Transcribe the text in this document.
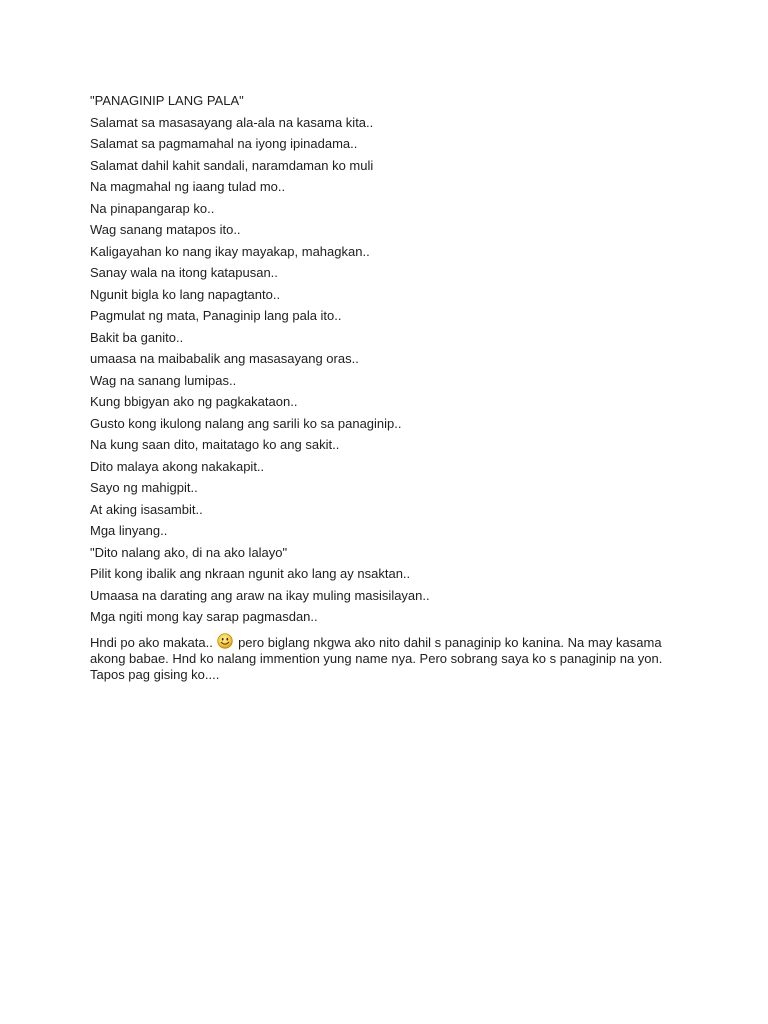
"PANAGINIP LANG PALA"

Salamat sa masasayang ala-ala na kasama kita..

Salamat sa pagmamahal na iyong ipinadama..

Salamat dahil kahit sandali, naramdaman ko muli

Na magmahal ng iaang tulad mo..

Na pinapangarap ko..

Wag sanang matapos ito..

Kaligayahan ko nang ikay mayakap, mahagkan..

Sanay wala na itong katapusan..

Ngunit bigla ko lang napagtanto..

Pagmulat ng mata, Panaginip lang pala ito..

Bakit ba ganito..

umaasa na maibabalik ang masasayang oras..

Wag na sanang lumipas..

Kung bbigyan ako ng pagkakataon..

Gusto kong ikulong nalang ang sarili ko sa panaginip..

Na kung saan dito, maitatago ko ang sakit..

Dito malaya akong nakakapit..

Sayo ng mahigpit..

At aking isasambit..

Mga linyang..

"Dito nalang ako, di na ako lalayo"

Pilit kong ibalik ang nkraan ngunit ako lang ay nsaktan..

Umaasa na darating ang araw na ikay muling masisilayan..

Mga ngiti mong kay sarap pagmasdan..

Hndi po ako makata..  pero biglang nkgwa ako nito dahil s panaginip ko kanina. Na may kasama akong babae. Hnd ko nalang immention yung name nya. Pero sobrang saya ko s panaginip na yon. Tapos pag gising ko....
